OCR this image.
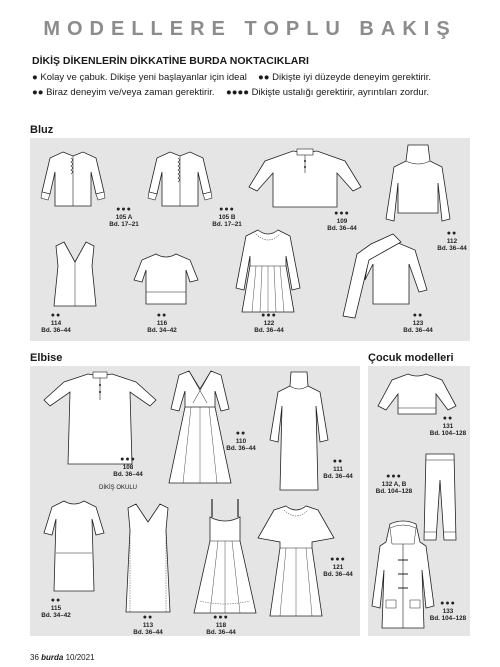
MODELLERE TOPLU BAKIŞ
DİKİŞ DİKENLERİN DİKKATİNE BURDA NOKTACIKLARI
● Kolay ve çabuk. Dikişe yeni başlayanlar için ideal ●● Dikişte iyi düzeyde deneyim gerektirir.
●● Biraz deneyim ve/veya zaman gerektirir. ●●●● Dikişte ustalığı gerektirir, ayrıntıları zordur.
Bluz
Elbise	Çocuk modelleri
●●●
105 A
Bd. 17–21
●●●
105 B
Bd. 17–21
●●●
109
Bd. 36–44
●●
112
Bd. 36–44
●●
114
Bd. 36–44
●●
116
Bd. 34–42
●●●
122
Bd. 36–44
●●
123
Bd. 36–44
●●●
108
Bd. 36–44
DİKİŞ OKULU
●●
110
Bd. 36–44
●●
111
Bd. 36–44
●●
115
Bd. 34–42	●●
113
Bd. 36–44
●●●
118
Bd. 36–44
●●●
121
Bd. 36–44
●●
131
Bd. 104–128
●●●
132 A, B
Bd. 104–128
●●●
133
Bd. 104–128
36 burda 10/2021
